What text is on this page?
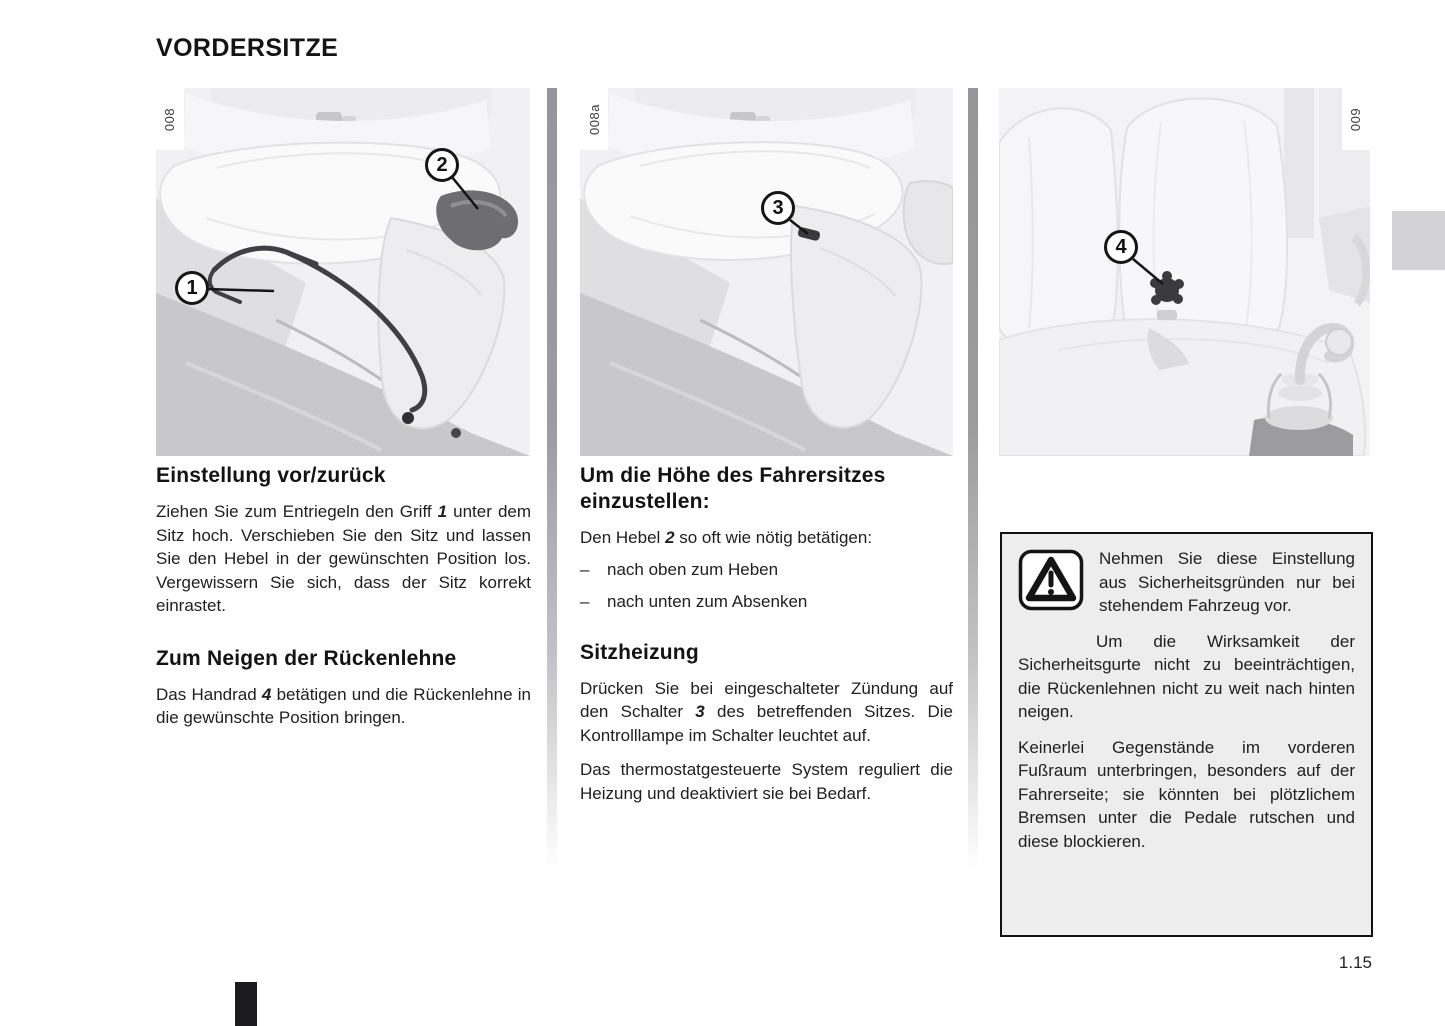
VORDERSITZE
008
1
2
008a
3
009
4
Einstellung vor/zurück

Ziehen Sie zum Entriegeln den Griff 1 unter dem Sitz hoch. Verschieben Sie den Sitz und lassen Sie den Hebel in der gewünschten Position los. Vergewissern Sie sich, dass der Sitz korrekt einrastet.

Zum Neigen der Rückenlehne

Das Handrad 4 betätigen und die Rückenlehne in die gewünschte Position bringen.

Um die Höhe des Fahrersitzes einzustellen:

Den Hebel 2 so oft wie nötig betätigen:

–	nach oben zum Heben
–	nach unten zum Absenken
Sitzheizung

Drücken Sie bei eingeschalteter Zündung auf den Schalter 3 des betreffenden Sitzes. Die Kontrolllampe im Schalter leuchtet auf.

Das thermostatgesteuerte System reguliert die Heizung und deaktiviert sie bei Bedarf.

Nehmen Sie diese Einstellung aus Sicherheitsgründen nur bei stehendem Fahrzeug vor.

Um die Wirksamkeit der Sicherheitsgurte nicht zu beeinträchtigen, die Rückenlehnen nicht zu weit nach hinten neigen.

Keinerlei Gegenstände im vorderen Fußraum unterbringen, besonders auf der Fahrerseite; sie könnten bei plötzlichem Bremsen unter die Pedale rutschen und diese blockieren.

1.15
